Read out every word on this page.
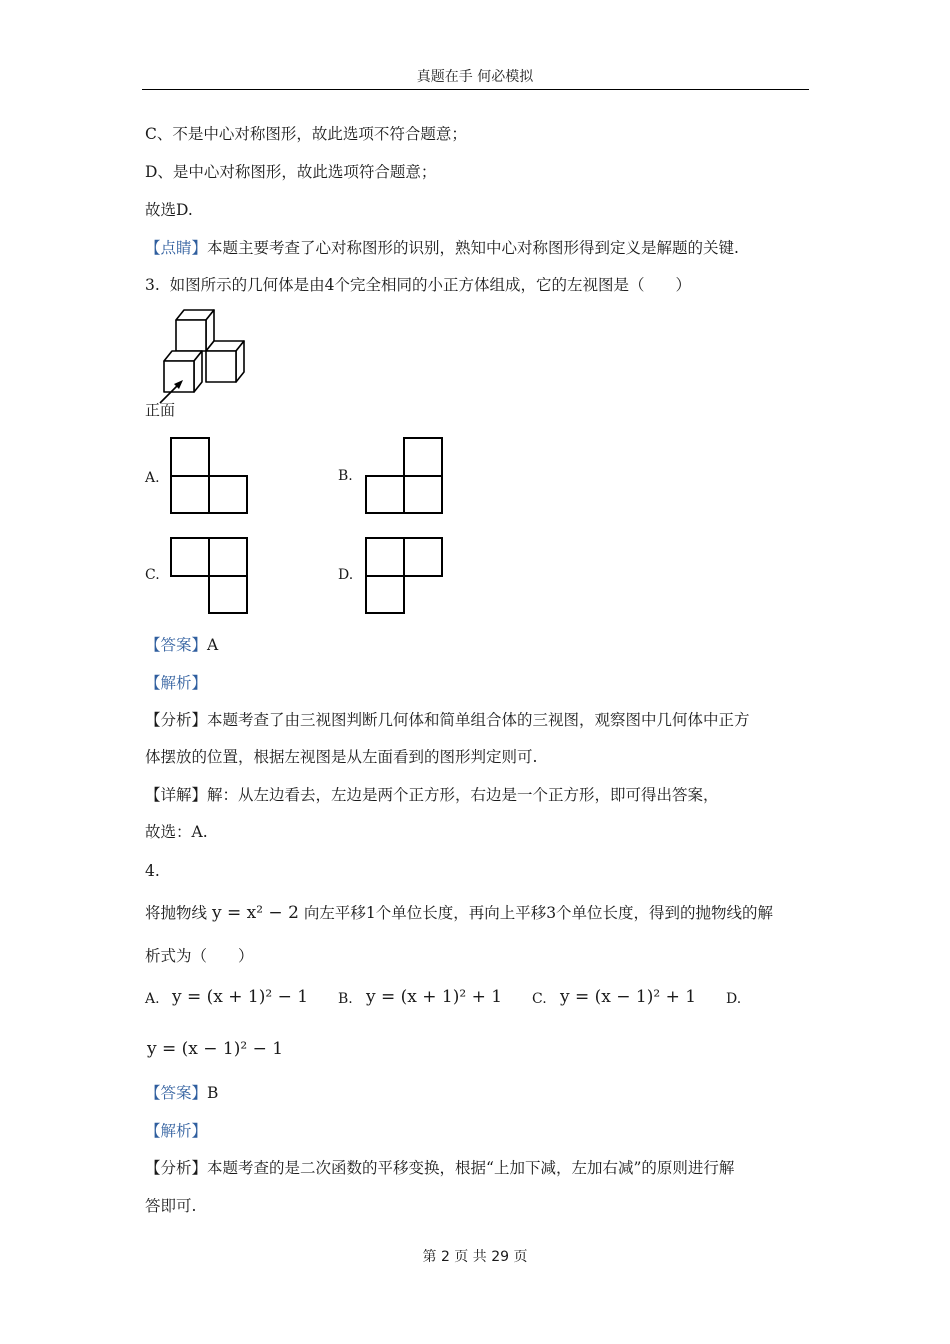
真题在手 何必模拟
C、不是中心对称图形，故此选项不符合题意；
D、是中心对称图形，故此选项符合题意；
故选D.
【点睛】本题主要考查了心对称图形的识别，熟知中心对称图形得到定义是解题的关键.
3. 如图所示的几何体是由4个完全相同的小正方体组成，它的左视图是（　　）
正面
A.	B.
C.	D.
【答案】A
【解析】
【分析】本题考查了由三视图判断几何体和简单组合体的三视图，观察图中几何体中正方
体摆放的位置，根据左视图是从左面看到的图形判定则可.
【详解】解：从左边看去，左边是两个正方形，右边是一个正方形，即可得出答案，
故选：A.
4.
将抛物线 y = x² − 2 向左平移1个单位长度，再向上平移3个单位长度，得到的抛物线的解
析式为（　　）
A. y = (x + 1)² − 1 B. y = (x + 1)² + 1 C. y = (x − 1)² + 1 D.
y = (x − 1)² − 1
【答案】B
【解析】
【分析】本题考查的是二次函数的平移变换，根据“上加下减，左加右减”的原则进行解
答即可.
第 2 页 共 29 页
